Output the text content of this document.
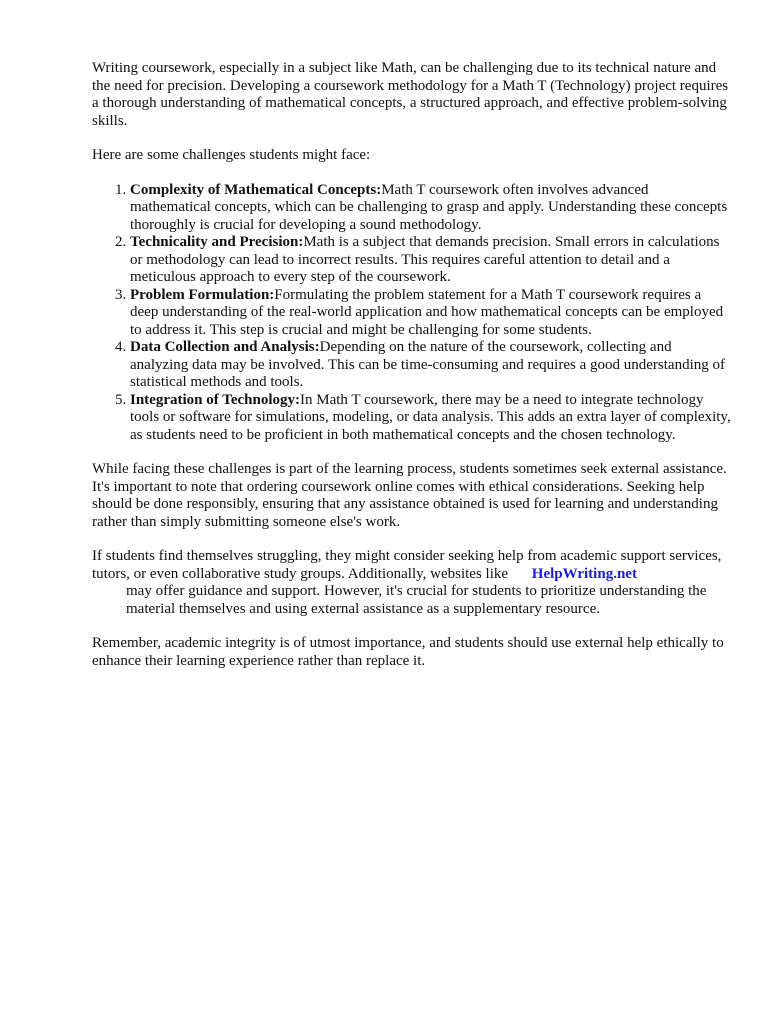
Writing coursework, especially in a subject like Math, can be challenging due to its technical nature and the need for precision. Developing a coursework methodology for a Math T (Technology) project requires a thorough understanding of mathematical concepts, a structured approach, and effective problem-solving skills.

Here are some challenges students might face:

1. Complexity of Mathematical Concepts:Math T coursework often involves advanced mathematical concepts, which can be challenging to grasp and apply. Understanding these concepts thoroughly is crucial for developing a sound methodology.
2. Technicality and Precision:Math is a subject that demands precision. Small errors in calculations or methodology can lead to incorrect results. This requires careful attention to detail and a meticulous approach to every step of the coursework.
3. Problem Formulation:Formulating the problem statement for a Math T coursework requires a deep understanding of the real-world application and how mathematical concepts can be employed to address it. This step is crucial and might be challenging for some students.
4. Data Collection and Analysis:Depending on the nature of the coursework, collecting and analyzing data may be involved. This can be time-consuming and requires a good understanding of statistical methods and tools.
5. Integration of Technology:In Math T coursework, there may be a need to integrate technology tools or software for simulations, modeling, or data analysis. This adds an extra layer of complexity, as students need to be proficient in both mathematical concepts and the chosen technology.

While facing these challenges is part of the learning process, students sometimes seek external assistance. It's important to note that ordering coursework online comes with ethical considerations. Seeking help should be done responsibly, ensuring that any assistance obtained is used for learning and understanding rather than simply submitting someone else's work.

If students find themselves struggling, they might consider seeking help from academic support services, tutors, or even collaborative study groups. Additionally, websites like HelpWriting.net
may offer guidance and support. However, it's crucial for students to prioritize understanding the material themselves and using external assistance as a supplementary resource.

Remember, academic integrity is of utmost importance, and students should use external help ethically to enhance their learning experience rather than replace it.
